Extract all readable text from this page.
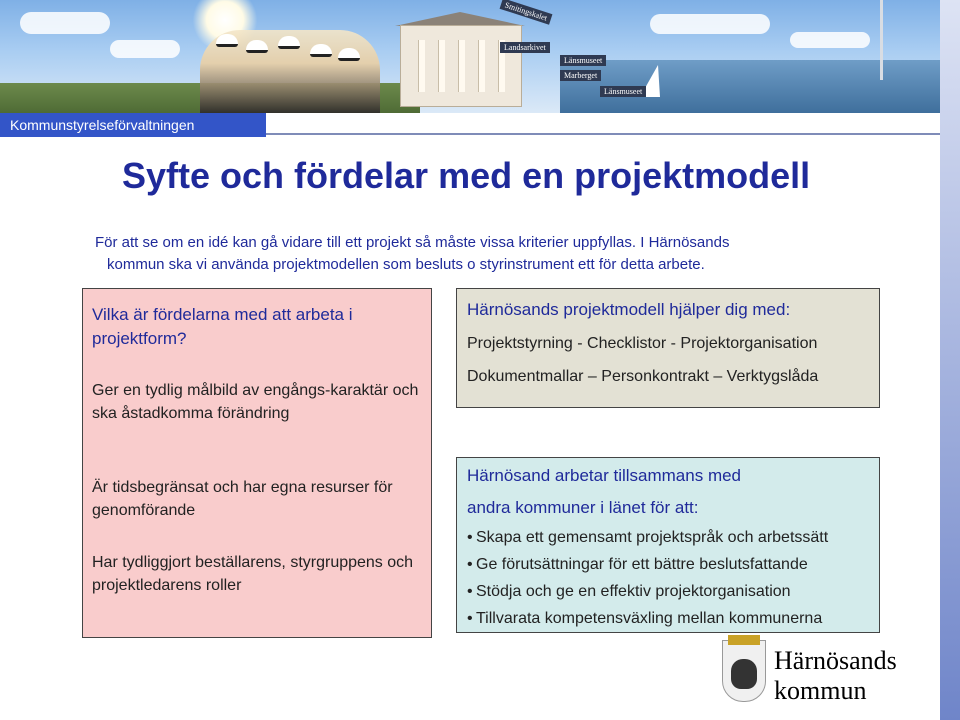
Smitingskalet
Landsarkivet
Länsmuseet
Marberget
Länsmuseet
Kommunstyrelseförvaltningen
Syfte och fördelar med en projektmodell

För att se om en idé kan gå vidare till ett projekt så måste vissa kriterier uppfyllas. I Härnösands
kommun ska vi använda projektmodellen som besluts o styrinstrument ett för detta arbete.

Vilka är fördelarna med att arbeta i projektform?

Ger en tydlig målbild av engångs-karaktär och ska åstadkomma förändring

Är tidsbegränsat och har egna resurser för genomförande

Har tydliggjort beställarens, styrgruppens och projektledarens roller

Härnösands projektmodell hjälper dig med:

Projektstyrning - Checklistor - Projektorganisation

Dokumentmallar – Personkontrakt – Verktygslåda

Härnösand arbetar tillsammans med

andra kommuner i länet för att:

• Skapa ett gemensamt projektspråk och arbetssätt
• Ge förutsättningar för ett bättre beslutsfattande
• Stödja och ge en effektiv projektorganisation
• Tillvarata kompetensväxling mellan kommunerna
Härnösands
kommun
